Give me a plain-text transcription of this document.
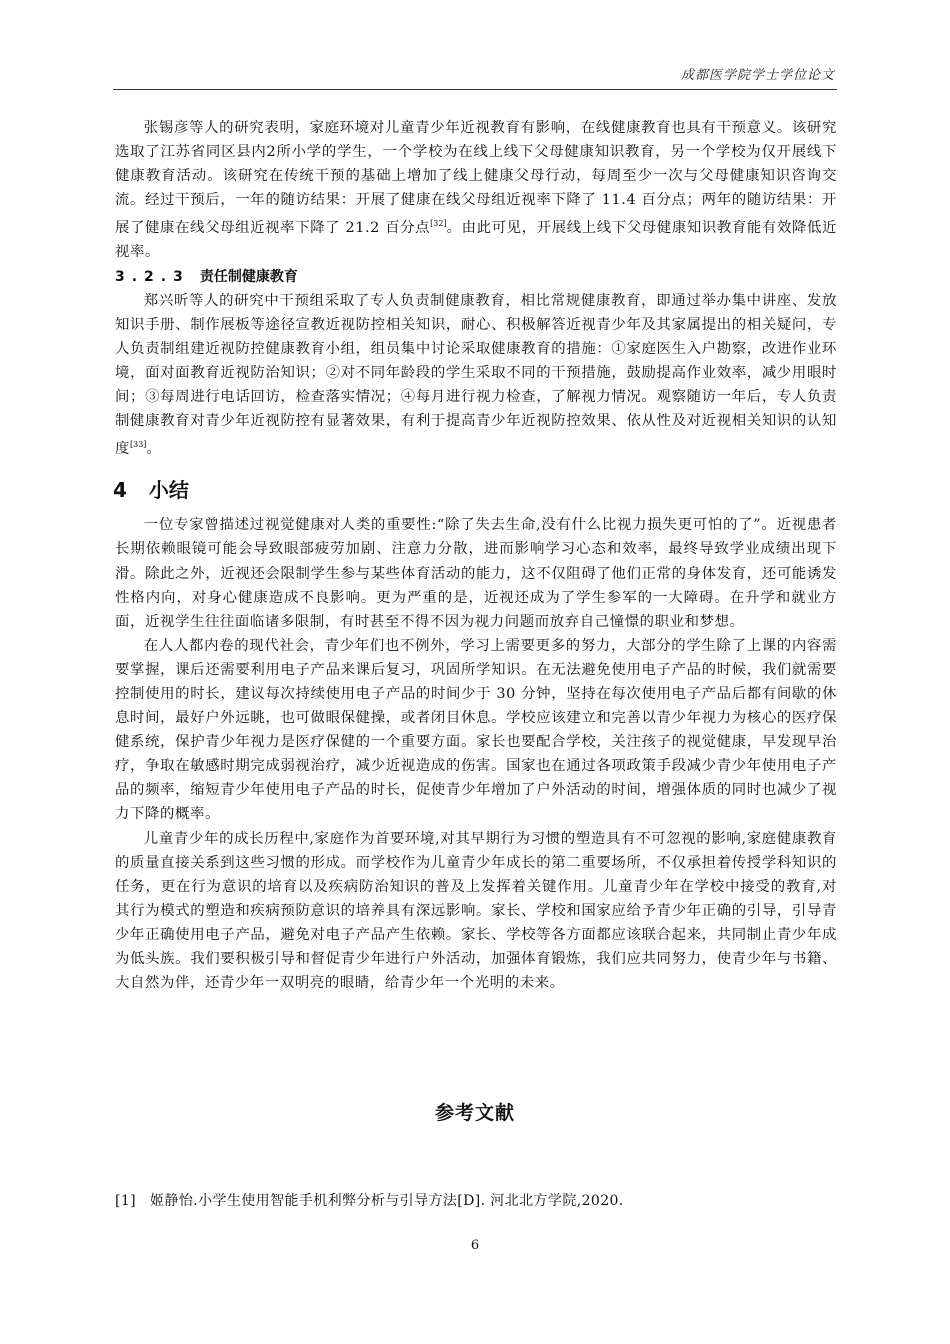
成都医学院学士学位论文

张锡彦等人的研究表明，家庭环境对儿童青少年近视教育有影响，在线健康教育也具有干预意义。该研究选取了江苏省同区县内2所小学的学生，一个学校为在线上线下父母健康知识教育，另一个学校为仅开展线下健康教育活动。该研究在传统干预的基础上增加了线上健康父母行动，每周至少一次与父母健康知识咨询交流。经过干预后，一年的随访结果：开展了健康在线父母组近视率下降了 11.4 百分点；两年的随访结果：开展了健康在线父母组近视率下降了 21.2 百分点[32]。由此可见，开展线上线下父母健康知识教育能有效降低近视率。

3.2.3 责任制健康教育

郑兴昕等人的研究中干预组采取了专人负责制健康教育，相比常规健康教育，即通过举办集中讲座、发放知识手册、制作展板等途径宣教近视防控相关知识，耐心、积极解答近视青少年及其家属提出的相关疑问，专人负责制组建近视防控健康教育小组，组员集中讨论采取健康教育的措施：①家庭医生入户勘察，改进作业环境，面对面教育近视防治知识；②对不同年龄段的学生采取不同的干预措施，鼓励提高作业效率，减少用眼时间；③每周进行电话回访，检查落实情况；④每月进行视力检查，了解视力情况。观察随访一年后，专人负责制健康教育对青少年近视防控有显著效果，有利于提高青少年近视防控效果、依从性及对近视相关知识的认知度[33]。

4 小结

一位专家曾描述过视觉健康对人类的重要性:“除了失去生命,没有什么比视力损失更可怕的了”。近视患者长期依赖眼镜可能会导致眼部疲劳加剧、注意力分散，进而影响学习心态和效率，最终导致学业成绩出现下滑。除此之外，近视还会限制学生参与某些体育活动的能力，这不仅阻碍了他们正常的身体发育，还可能诱发性格内向，对身心健康造成不良影响。更为严重的是，近视还成为了学生参军的一大障碍。在升学和就业方面，近视学生往往面临诸多限制，有时甚至不得不因为视力问题而放弃自己憧憬的职业和梦想。

在人人都内卷的现代社会，青少年们也不例外，学习上需要更多的努力，大部分的学生除了上课的内容需要掌握，课后还需要利用电子产品来课后复习，巩固所学知识。在无法避免使用电子产品的时候，我们就需要控制使用的时长，建议每次持续使用电子产品的时间少于 30 分钟，坚持在每次使用电子产品后都有间歇的休息时间，最好户外远眺，也可做眼保健操，或者闭目休息。学校应该建立和完善以青少年视力为核心的医疗保健系统，保护青少年视力是医疗保健的一个重要方面。家长也要配合学校，关注孩子的视觉健康，早发现早治疗，争取在敏感时期完成弱视治疗，减少近视造成的伤害。国家也在通过各项政策手段减少青少年使用电子产品的频率，缩短青少年使用电子产品的时长，促使青少年增加了户外活动的时间，增强体质的同时也减少了视力下降的概率。

儿童青少年的成长历程中,家庭作为首要环境,对其早期行为习惯的塑造具有不可忽视的影响,家庭健康教育的质量直接关系到这些习惯的形成。而学校作为儿童青少年成长的第二重要场所，不仅承担着传授学科知识的任务，更在行为意识的培育以及疾病防治知识的普及上发挥着关键作用。儿童青少年在学校中接受的教育,对其行为模式的塑造和疾病预防意识的培养具有深远影响。家长、学校和国家应给予青少年正确的引导，引导青少年正确使用电子产品，避免对电子产品产生依赖。家长、学校等各方面都应该联合起来，共同制止青少年成为低头族。我们要积极引导和督促青少年进行户外活动，加强体育锻炼，我们应共同努力，使青少年与书籍、大自然为伴，还青少年一双明亮的眼睛，给青少年一个光明的未来。

参考文献
[1] 姬静怡.小学生使用智能手机利弊分析与引导方法[D]. 河北北方学院,2020.
6
